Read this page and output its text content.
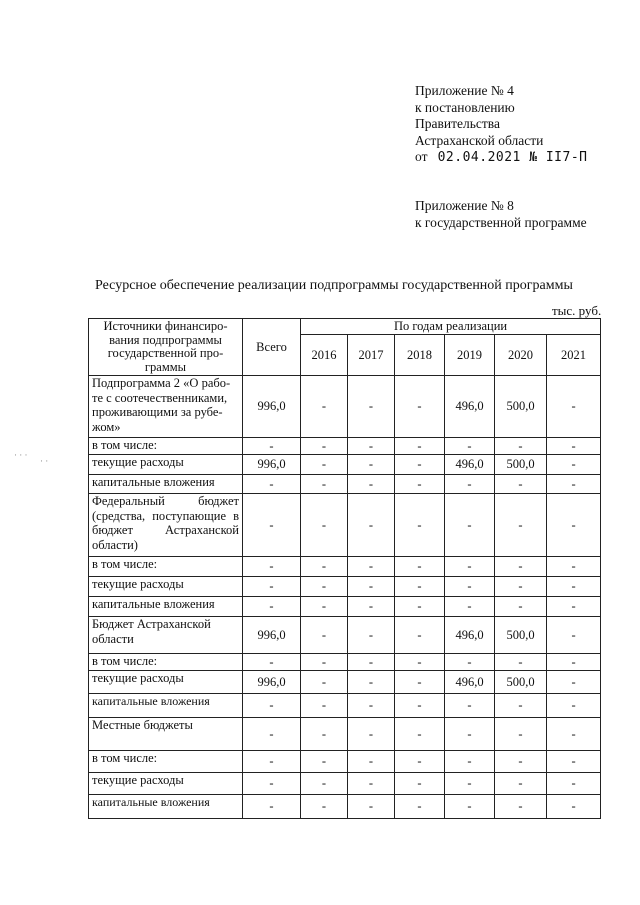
Приложение № 4
к постановлению
Правительства
Астраханской области
от 02.04.2021 № II7-П
Приложение № 8
к государственной программе
Ресурсное обеспечение реализации подпрограммы государственной программы
тыс. руб.
· · ·
· ·
Источники финансиро-вания подпрограммы государственной про-граммы	Всего	По годам реализации					
		2016	2017	2018	2019	2020	2021
Подпрограмма 2 «О рабо-те с соотечественниками, проживающими за рубе-жом»	996,0	-	-	-	496,0	500,0	-
в том числе:	-	-	-	-	-	-	-
текущие расходы	996,0	-	-	-	496,0	500,0	-
капитальные вложения	-	-	-	-	-	-	-
Федеральный бюджет (средства, поступающие в бюджет Астраханской области)	-	-	-	-	-	-	-
в том числе:	-	-	-	-	-	-	-
текущие расходы	-	-	-	-	-	-	-
капитальные вложения	-	-	-	-	-	-	-
Бюджет Астраханской области	996,0	-	-	-	496,0	500,0	-
в том числе:	-	-	-	-	-	-	-
текущие расходы	996,0	-	-	-	496,0	500,0	-
капитальные вложения	-	-	-	-	-	-	-
Местные бюджеты	-	-	-	-	-	-	-
в том числе:	-	-	-	-	-	-	-
текущие расходы	-	-	-	-	-	-	-
капитальные вложения	-	-	-	-	-	-	-
